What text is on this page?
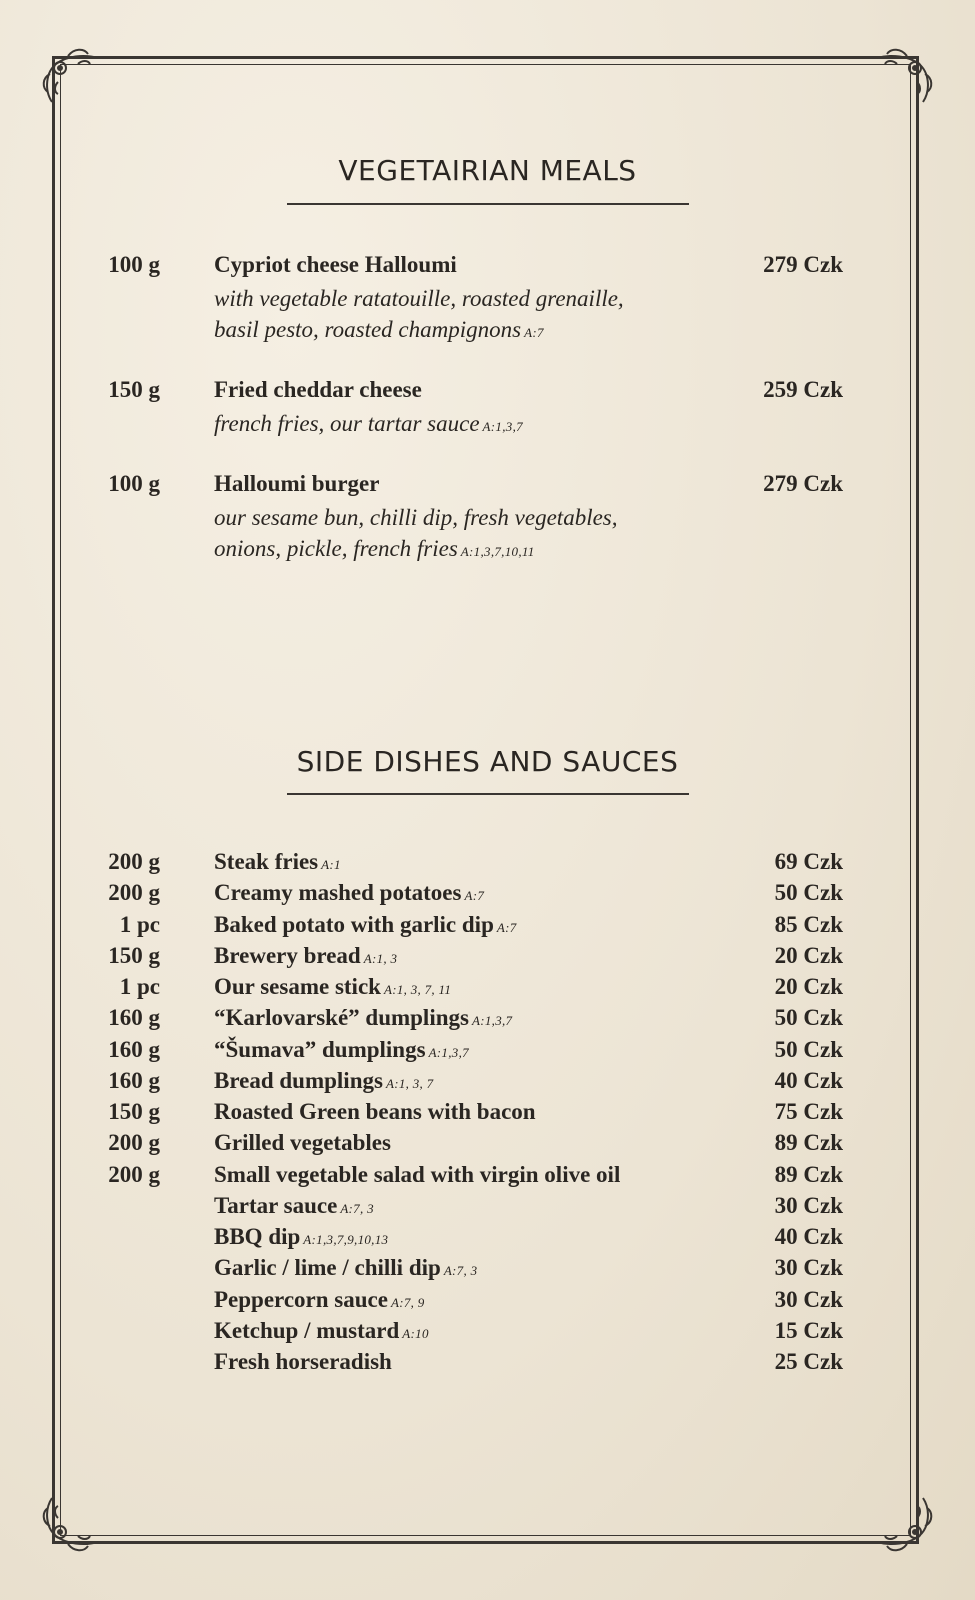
VEGETAIRIAN MEALS
100 g Cypriot cheese Halloumi	279 Czk
with vegetable ratatouille, roasted grenaille,
basil pesto, roasted champignons A:7
150 g Fried cheddar cheese	259 Czk
french fries, our tartar sauce A:1,3,7
100 g Halloumi burger	279 Czk
our sesame bun, chilli dip, fresh vegetables,
onions, pickle, french fries A:1,3,7,10,11
SIDE DISHES AND SAUCES
200 g Steak fries A:1	69 Czk
200 g Creamy mashed potatoes A:7	50 Czk
1 pc Baked potato with garlic dip A:7	85 Czk
150 g Brewery bread A:1, 3	20 Czk
1 pc Our sesame stick A:1, 3, 7, 11	20 Czk
160 g “Karlovarské” dumplings A:1,3,7	50 Czk
160 g “Šumava” dumplings A:1,3,7	50 Czk
160 g Bread dumplings A:1, 3, 7	40 Czk
150 g Roasted Green beans with bacon	75 Czk
200 g Grilled vegetables	89 Czk
200 g Small vegetable salad with virgin olive oil	89 Czk
Tartar sauce A:7, 3	30 Czk
BBQ dip A:1,3,7,9,10,13	40 Czk
Garlic / lime / chilli dip A:7, 3	30 Czk
Peppercorn sauce A:7, 9	30 Czk
Ketchup / mustard A:10	15 Czk
Fresh horseradish	25 Czk
